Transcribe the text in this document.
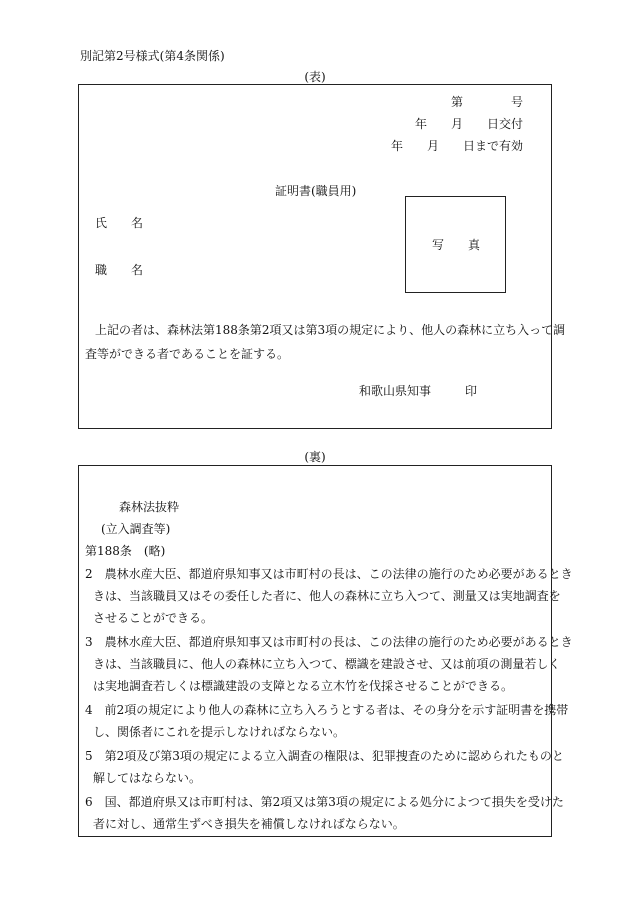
別記第2号様式(第4条関係)
(表)
第　　　　号
年　　月　　日交付
年　　月　　日まで有効
証明書(職員用)
氏　　名
職　　名
写　　真
上記の者は、森林法第188条第2項又は第3項の規定により、他人の森林に立ち入って調
査等ができる者であることを証する。
和歌山県知事	印
(裏)
森林法抜粋
(立入調査等)
第188条　(略)
2 農林水産大臣、都道府県知事又は市町村の長は、この法律の施行のため必要があるとき
きは、当該職員又はその委任した者に、他人の森林に立ち入つて、測量又は実地調査を
させることができる。
3 農林水産大臣、都道府県知事又は市町村の長は、この法律の施行のため必要があるとき
きは、当該職員に、他人の森林に立ち入つて、標識を建設させ、又は前項の測量若しく
は実地調査若しくは標識建設の支障となる立木竹を伐採させることができる。
4 前2項の規定により他人の森林に立ち入ろうとする者は、その身分を示す証明書を携帯
し、関係者にこれを提示しなければならない。
5 第2項及び第3項の規定による立入調査の権限は、犯罪捜査のために認められたものと
解してはならない。
6 国、都道府県又は市町村は、第2項又は第3項の規定による処分によつて損失を受けた
者に対し、通常生ずべき損失を補償しなければならない。
